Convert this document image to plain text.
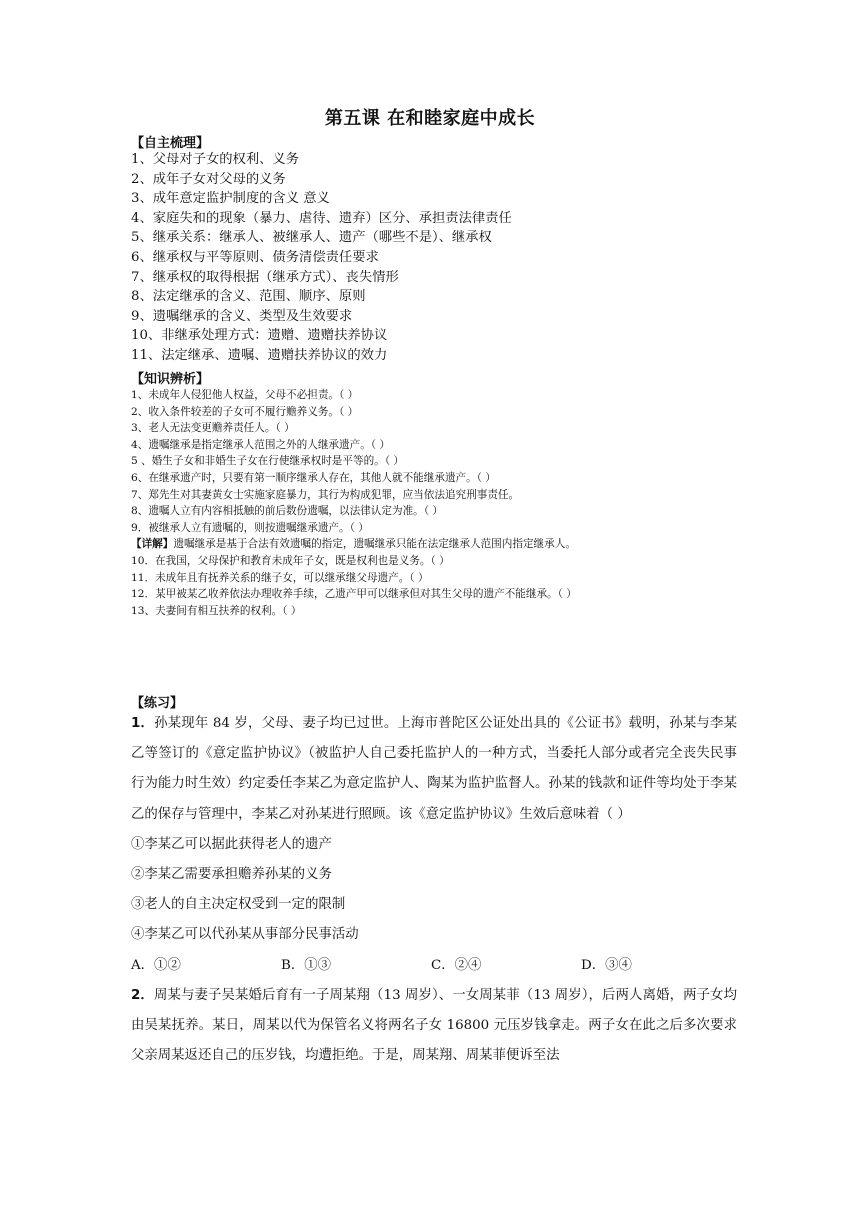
第五课 在和睦家庭中成长
【自主梳理】
1、父母对子女的权利、义务
2、成年子女对父母的义务
3、成年意定监护制度的含义 意义
4、家庭失和的现象（暴力、虐待、遗弃）区分、承担责法律责任
5、继承关系：继承人、被继承人、遗产（哪些不是）、继承权
6、继承权与平等原则、债务清偿责任要求
7、继承权的取得根据（继承方式）、丧失情形
8、法定继承的含义、范围、顺序、原则
9、遗嘱继承的含义、类型及生效要求
10、非继承处理方式：遗赠、遗赠扶养协议
11、法定继承、遗嘱、遗赠扶养协议的效力
【知识辨析】
1、未成年人侵犯他人权益，父母不必担责。（ ）
2、收入条件较差的子女可不履行赡养义务。（ ）
3、老人无法变更赡养责任人。（ ）
4、遗嘱继承是指定继承人范围之外的人继承遗产。（ ）
5 、婚生子女和非婚生子女在行使继承权时是平等的。（ ）
6、在继承遗产时，只要有第一顺序继承人存在，其他人就不能继承遗产。（ ）
7、郑先生对其妻黄女士实施家庭暴力，其行为构成犯罪，应当依法追究刑事责任。
8、遗嘱人立有内容相抵触的前后数份遗嘱，以法律认定为准。（ ）
9．被继承人立有遗嘱的，则按遗嘱继承遗产。（ ）
【详解】遗嘱继承是基于合法有效遗嘱的指定，遗嘱继承只能在法定继承人范围内指定继承人。
10．在我国，父母保护和教育未成年子女，既是权利也是义务。（ ）
11．未成年且有抚养关系的继子女，可以继承继父母遗产。（ ）
12．某甲被某乙收养依法办理收养手续，乙遗产甲可以继承但对其生父母的遗产不能继承。（ ）
13、夫妻间有相互扶养的权利。（ ）
【练习】

1．孙某现年 84 岁，父母、妻子均已过世。上海市普陀区公证处出具的《公证书》载明，孙某与李某乙等签订的《意定监护协议》（被监护人自己委托监护人的一种方式，当委托人部分或者完全丧失民事行为能力时生效）约定委任李某乙为意定监护人、陶某为监护监督人。孙某的钱款和证件等均处于李某乙的保存与管理中，李某乙对孙某进行照顾。该《意定监护协议》生效后意味着（ ）

①李某乙可以据此获得老人的遗产

②李某乙需要承担赡养孙某的义务

③老人的自主决定权受到一定的限制

④李某乙可以代孙某从事部分民事活动

A．①②	B．①③	C．②④	D．③④

2．周某与妻子吴某婚后育有一子周某翔（13 周岁）、一女周某菲（13 周岁），后两人离婚，两子女均由吴某抚养。某日，周某以代为保管名义将两名子女 16800 元压岁钱拿走。两子女在此之后多次要求父亲周某返还自己的压岁钱，均遭拒绝。于是，周某翔、周某菲便诉至法
